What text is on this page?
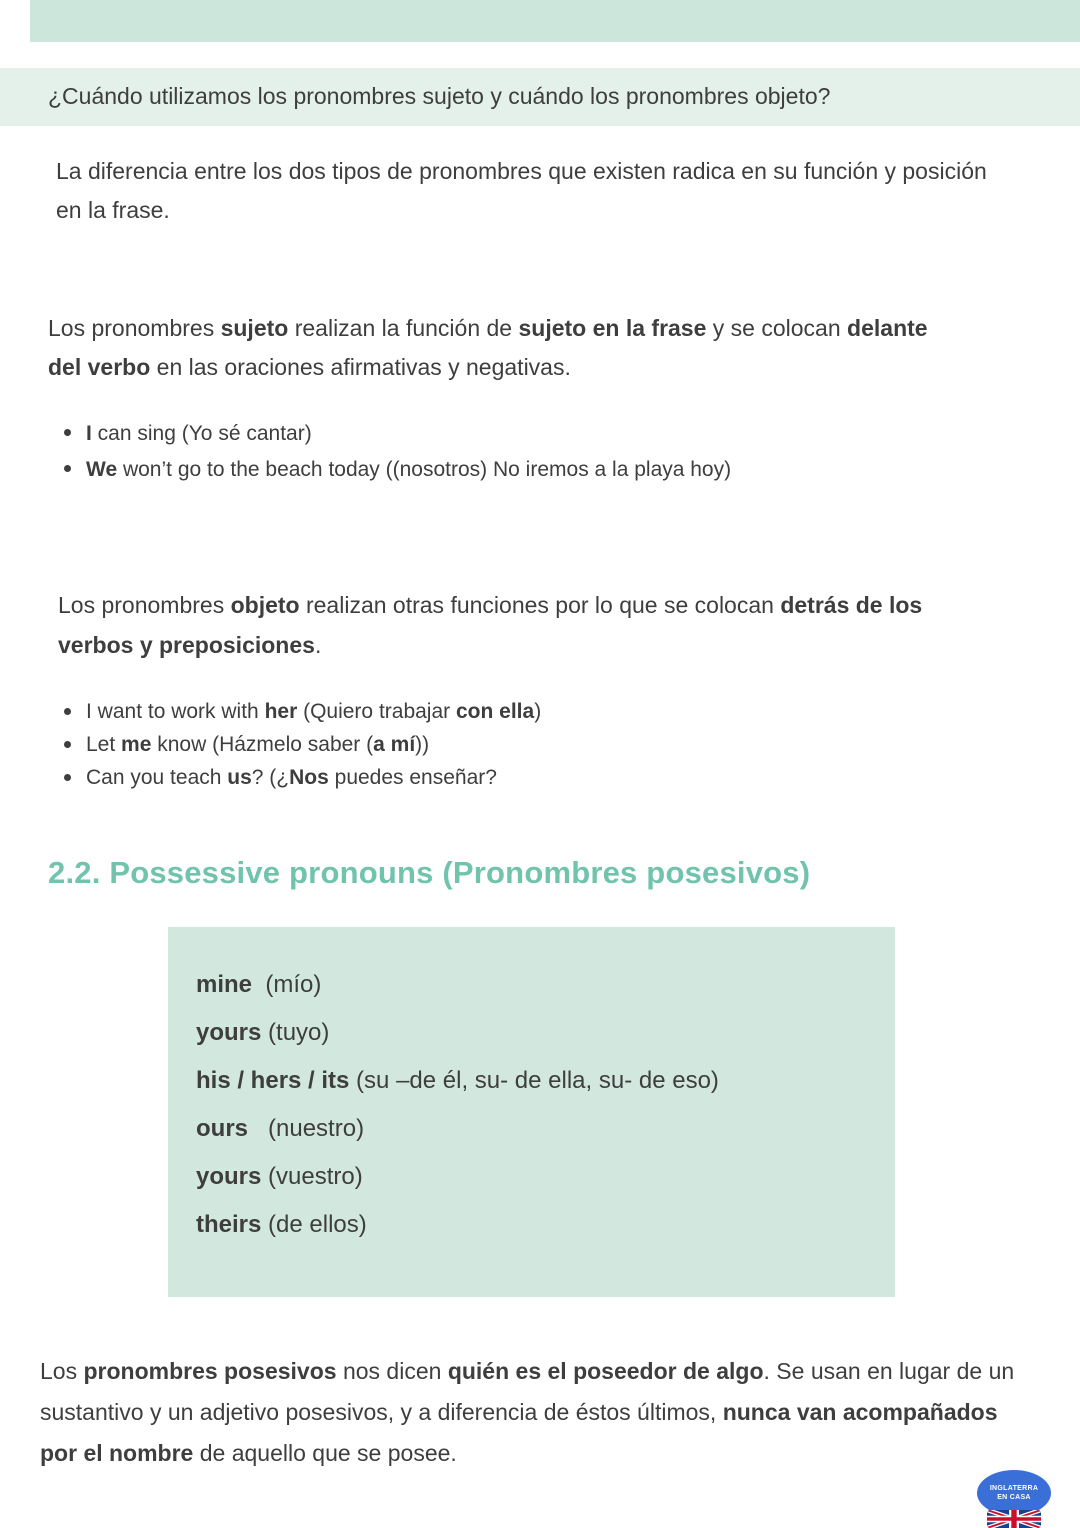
¿Cuándo utilizamos los pronombres sujeto y cuándo los pronombres objeto?

La diferencia entre los dos tipos de pronombres que existen radica en su función y posición en la frase.

Los pronombres sujeto realizan la función de sujeto en la frase y se colocan delante del verbo en las oraciones afirmativas y negativas.

I can sing (Yo sé cantar)
We won’t go to the beach today ((nosotros) No iremos a la playa hoy)

Los pronombres objeto realizan otras funciones por lo que se colocan detrás de los verbos y preposiciones.

I want to work with her (Quiero trabajar con ella)
Let me know (Házmelo saber (a mí))
Can you teach us? (¿Nos puedes enseñar?
2.2. Possessive pronouns (Pronombres posesivos)
mine  (mío)
yours (tuyo)
his / hers / its (su –de él, su- de ella, su- de eso)
ours   (nuestro)
yours (vuestro)
theirs (de ellos)

Los pronombres posesivos nos dicen quién es el poseedor de algo. Se usan en lugar de un sustantivo y un adjetivo posesivos, y a diferencia de éstos últimos, nunca van acompañados por el nombre de aquello que se posee.

INGLATERRA
EN CASA
